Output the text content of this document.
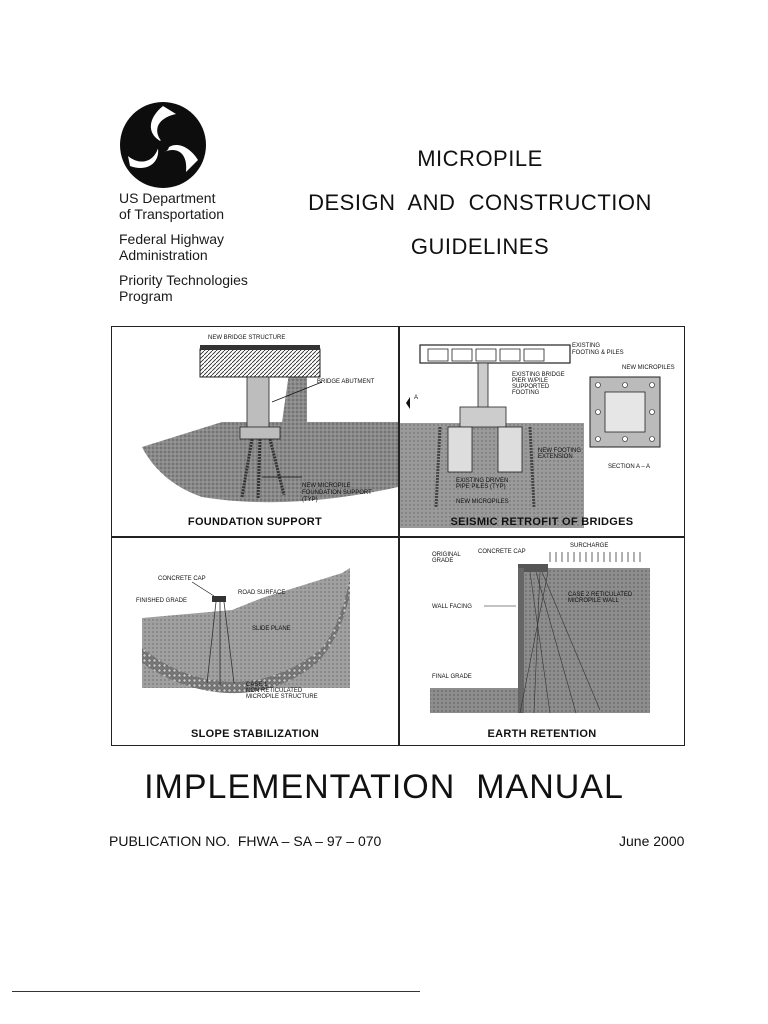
US Department
of Transportation
Federal Highway
Administration
Priority Technologies
Program
MICROPILE
DESIGN  AND  CONSTRUCTION
GUIDELINES
NEW BRIDGE STRUCTURE
BRIDGE ABUTMENT
NEW MICROPILE
FOUNDATION SUPPORT
(TYP)
FOUNDATION SUPPORT
EXISTING
FOOTING & PILES
NEW MICROPILES
EXISTING BRIDGE
PIER W/PILE
SUPPORTED
FOOTING
A
NEW FOOTING
EXTENSION
SECTION A – A
EXISTING DRIVEN
PIPE PILES (TYP)
NEW MICROPILES
SEISMIC RETROFIT OF BRIDGES
CONCRETE CAP
ROAD SURFACE
FINISHED GRADE
SLIDE PLANE
CASE 1
NON RETICULATED
MICROPILE STRUCTURE
SLOPE STABILIZATION
SURCHARGE
ORIGINAL
GRADE
CONCRETE CAP
CASE 2 RETICULATED
MICROPILE WALL
WALL FACING
FINAL GRADE
EARTH RETENTION
IMPLEMENTATION  MANUAL
PUBLICATION NO.  FHWA – SA – 97 – 070	June 2000
